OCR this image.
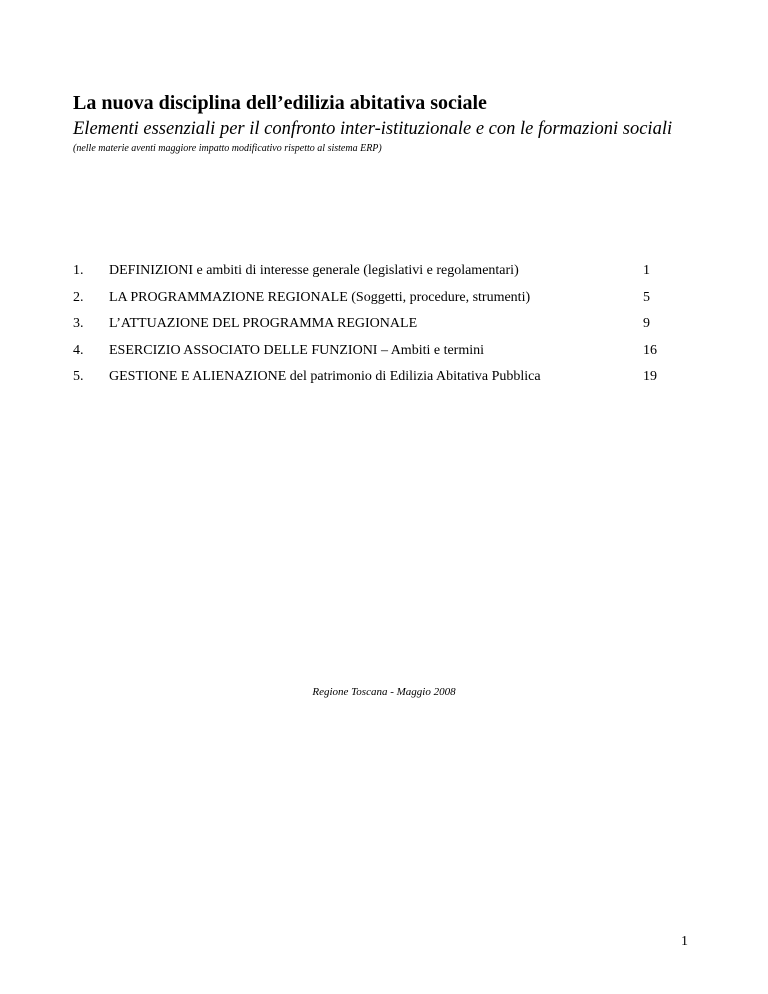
La nuova disciplina dell’edilizia abitativa sociale
Elementi essenziali per il confronto inter-istituzionale e con le formazioni sociali
(nelle materie aventi maggiore impatto modificativo rispetto al sistema ERP)
1. DEFINIZIONI e ambiti di interesse generale (legislativi e regolamentari)	1
2. LA PROGRAMMAZIONE REGIONALE (Soggetti, procedure, strumenti)	5
3. L’ATTUAZIONE DEL PROGRAMMA REGIONALE	9
4. ESERCIZIO ASSOCIATO DELLE FUNZIONI – Ambiti e termini	16
5. GESTIONE E ALIENAZIONE del patrimonio di Edilizia Abitativa Pubblica	19
Regione Toscana - Maggio 2008
1
